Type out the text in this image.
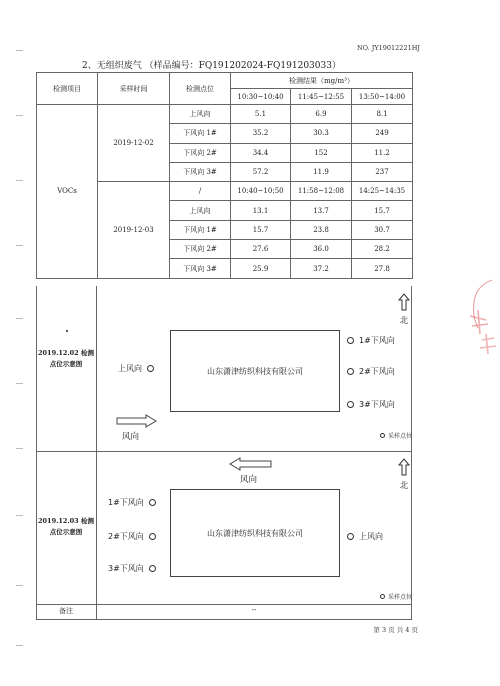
NO. JY19012221HJ
2、无组织废气 （样品编号：FQ191202024-FQ191203033）
检测项目	采样时间	检测点位	检测结果（mg/m³）		
			10:30~10:40	11:45~12:55	13:50~14:00
VOCs	2019-12-02	上风向	5.1	6.9	8.1
		下风向 1#	35.2	30.3	249
		下风向 2#	34.4	152	11.2
		下风向 3#	57.2	11.9	237
	2019-12-03	/	10:40~10:50	11:58~12:08	14:25~14:35
		上风向	13.1	13.7	15.7
		下风向 1#	15.7	23.8	30.7
		下风向 2#	27.6	36.0	28.2
		下风向 3#	25.9	37.2	27.8
2019.12.02 检测点位示意图
北
山东潇津纺织科技有限公司
上风向
1#下风向
2#下风向
3#下风向
风向	采样点位
2019.12.03 检测点位示意图
风向
北
山东潇津纺织科技有限公司
1#下风向
2#下风向
3#下风向
上风向
采样点位
备注	--
第 3 页 共 4 页
